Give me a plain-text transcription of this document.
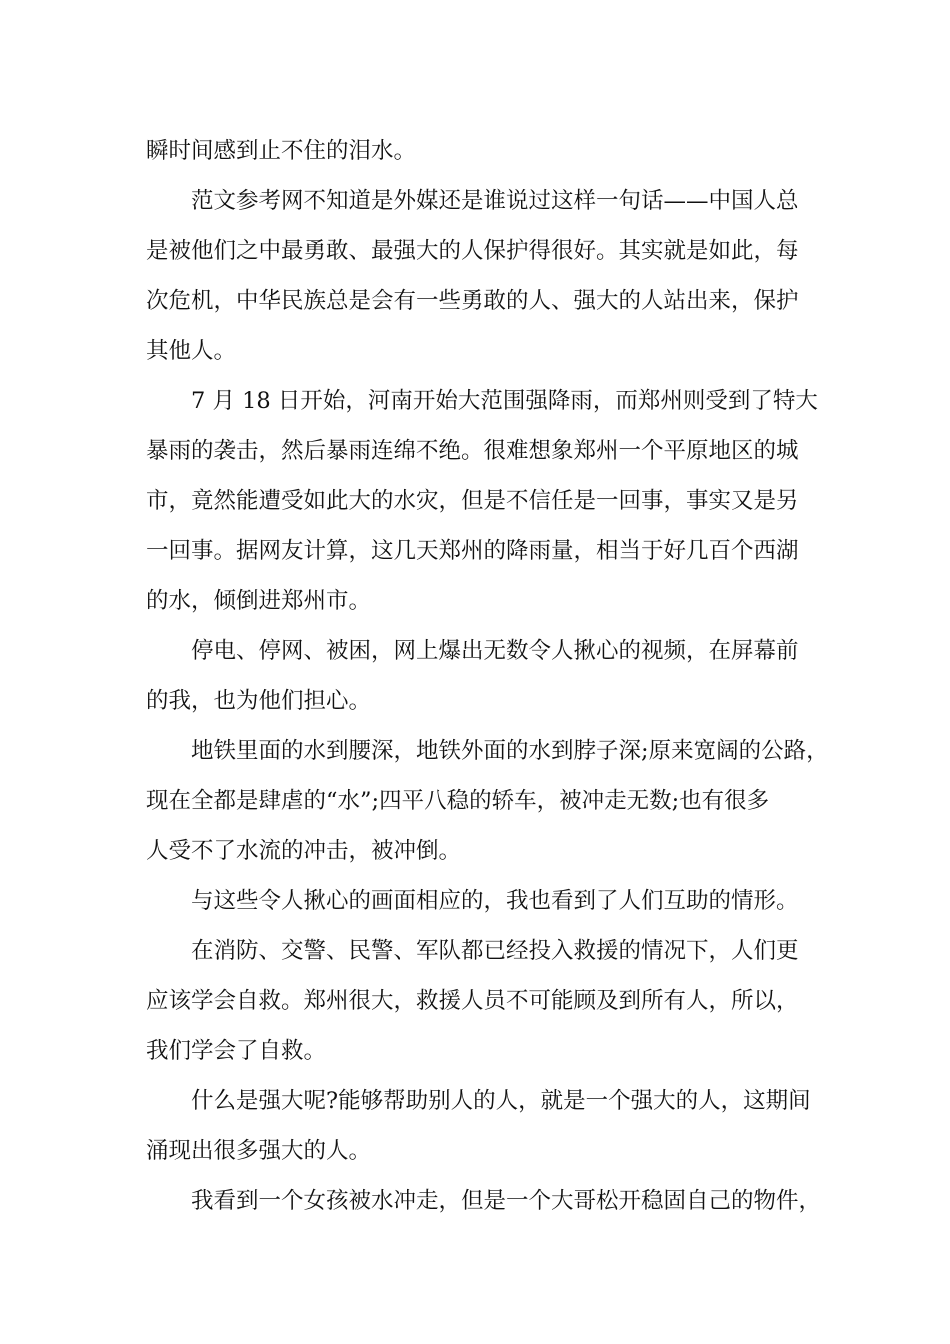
瞬时间感到止不住的泪水。
范文参考网不知道是外媒还是谁说过这样一句话——中国人总
是被他们之中最勇敢、最强大的人保护得很好。其实就是如此，每
次危机，中华民族总是会有一些勇敢的人、强大的人站出来，保护
其他人。
7 月 18 日开始，河南开始大范围强降雨，而郑州则受到了特大
暴雨的袭击，然后暴雨连绵不绝。很难想象郑州一个平原地区的城
市，竟然能遭受如此大的水灾，但是不信任是一回事，事实又是另
一回事。据网友计算，这几天郑州的降雨量，相当于好几百个西湖
的水，倾倒进郑州市。
停电、停网、被困，网上爆出无数令人揪心的视频，在屏幕前
的我，也为他们担心。
地铁里面的水到腰深，地铁外面的水到脖子深;原来宽阔的公路，
现在全都是肆虐的“水”;四平八稳的轿车，被冲走无数;也有很多
人受不了水流的冲击，被冲倒。
与这些令人揪心的画面相应的，我也看到了人们互助的情形。
在消防、交警、民警、军队都已经投入救援的情况下，人们更
应该学会自救。郑州很大，救援人员不可能顾及到所有人，所以，
我们学会了自救。
什么是强大呢?能够帮助别人的人，就是一个强大的人，这期间
涌现出很多强大的人。
我看到一个女孩被水冲走，但是一个大哥松开稳固自己的物件，
